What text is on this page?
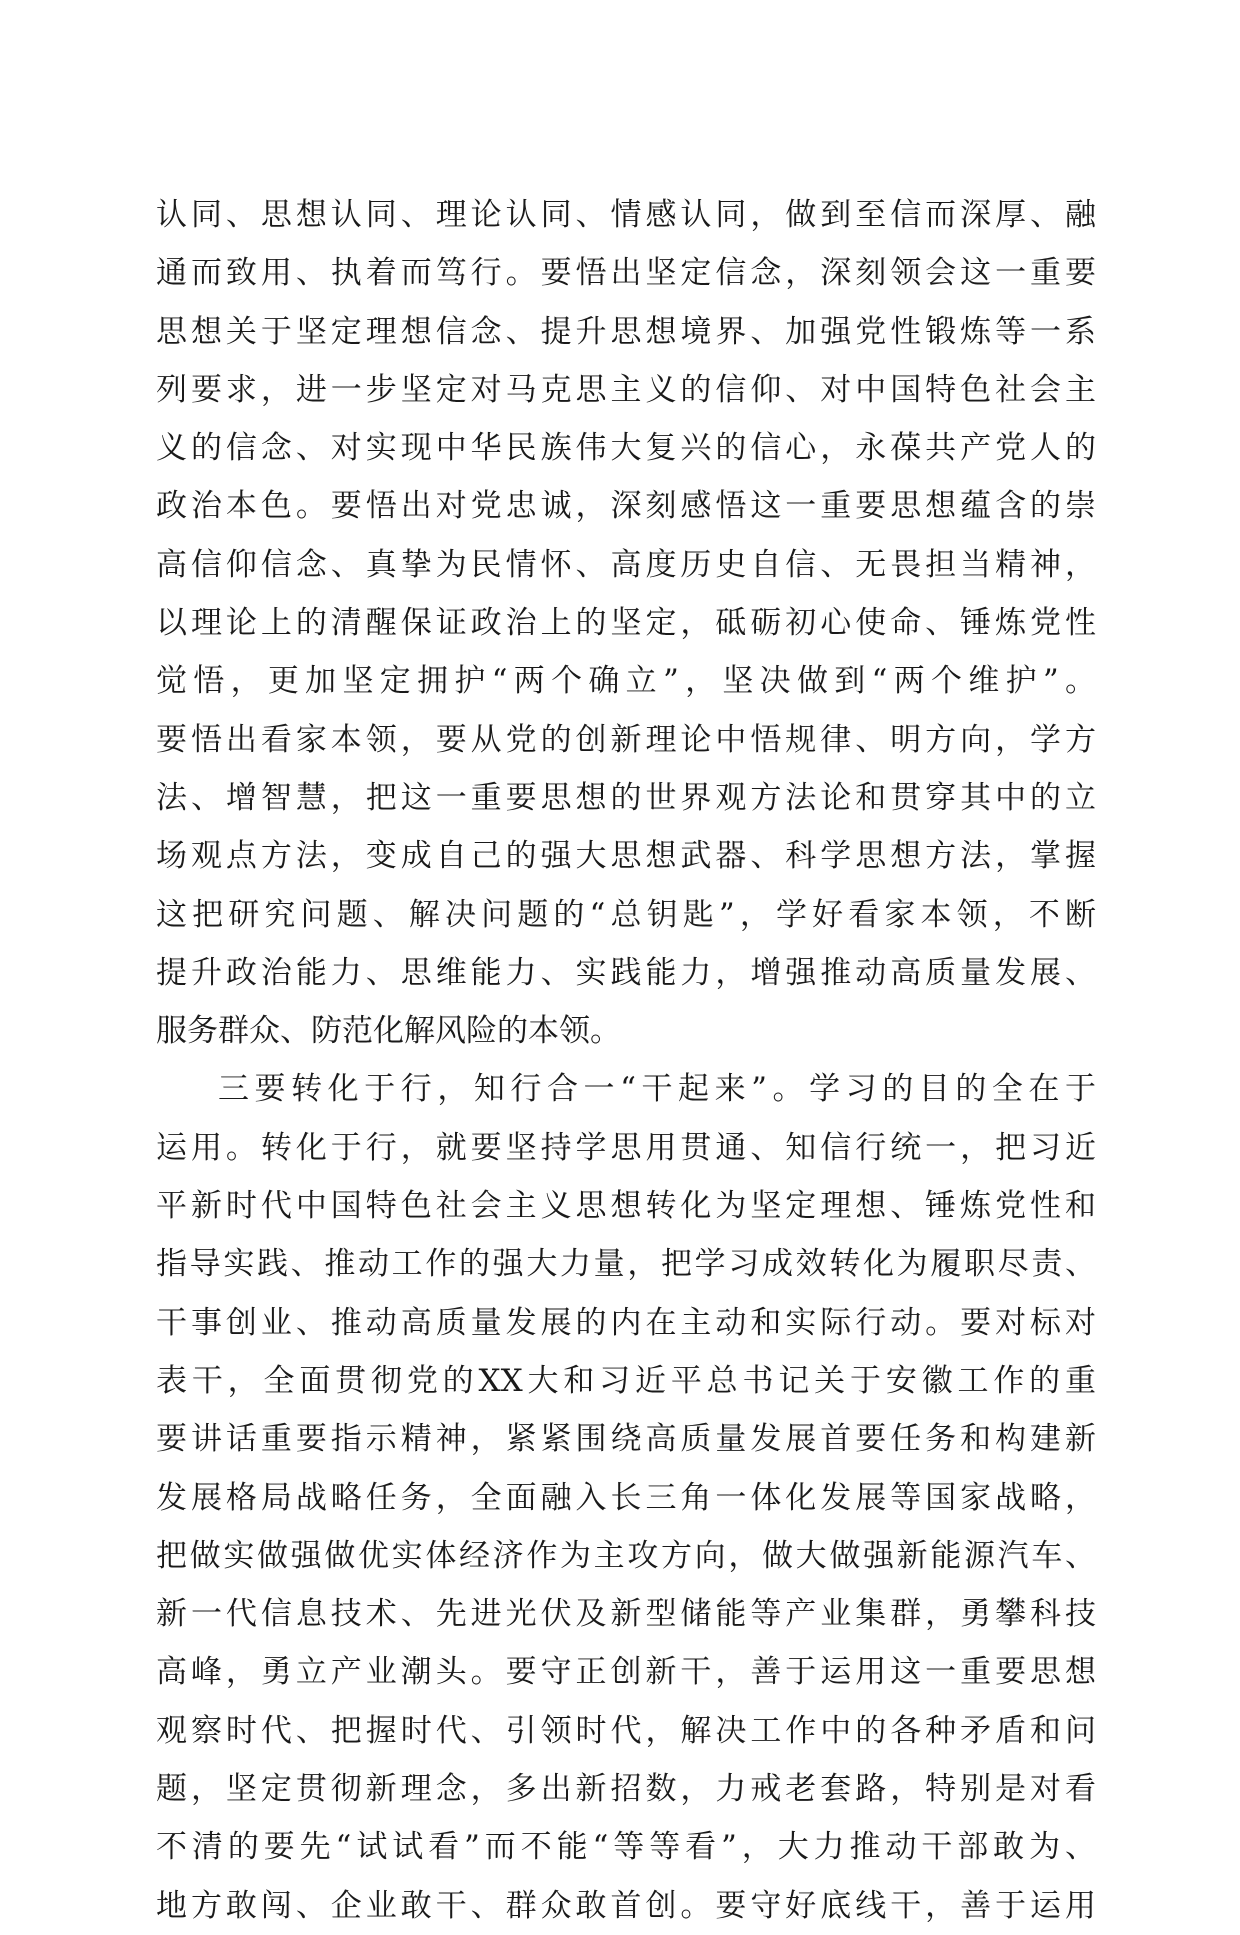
认同、思想认同、理论认同、情感认同，做到至信而深厚、融
通而致用、执着而笃行。要悟出坚定信念，深刻领会这一重要
思想关于坚定理想信念、提升思想境界、加强党性锻炼等一系
列要求，进一步坚定对马克思主义的信仰、对中国特色社会主
义的信念、对实现中华民族伟大复兴的信心，永葆共产党人的
政治本色。要悟出对党忠诚，深刻感悟这一重要思想蕴含的崇
高信仰信念、真挚为民情怀、高度历史自信、无畏担当精神，
以理论上的清醒保证政治上的坚定，砥砺初心使命、锤炼党性
觉悟，更加坚定拥护“两个确立”，坚决做到“两个维护”。
要悟出看家本领，要从党的创新理论中悟规律、明方向，学方
法、增智慧，把这一重要思想的世界观方法论和贯穿其中的立
场观点方法，变成自己的强大思想武器、科学思想方法，掌握
这把研究问题、解决问题的“总钥匙”，学好看家本领，不断
提升政治能力、思维能力、实践能力，增强推动高质量发展、
服务群众、防范化解风险的本领。
三要转化于行，知行合一“干起来”。学习的目的全在于
运用。转化于行，就要坚持学思用贯通、知信行统一，把习近
平新时代中国特色社会主义思想转化为坚定理想、锤炼党性和
指导实践、推动工作的强大力量，把学习成效转化为履职尽责、
干事创业、推动高质量发展的内在主动和实际行动。要对标对
表干，全面贯彻党的XX大和习近平总书记关于安徽工作的重
要讲话重要指示精神，紧紧围绕高质量发展首要任务和构建新
发展格局战略任务，全面融入长三角一体化发展等国家战略，
把做实做强做优实体经济作为主攻方向，做大做强新能源汽车、
新一代信息技术、先进光伏及新型储能等产业集群，勇攀科技
高峰，勇立产业潮头。要守正创新干，善于运用这一重要思想
观察时代、把握时代、引领时代，解决工作中的各种矛盾和问
题，坚定贯彻新理念，多出新招数，力戒老套路，特别是对看
不清的要先“试试看”而不能“等等看”，大力推动干部敢为、
地方敢闯、企业敢干、群众敢首创。要守好底线干，善于运用
